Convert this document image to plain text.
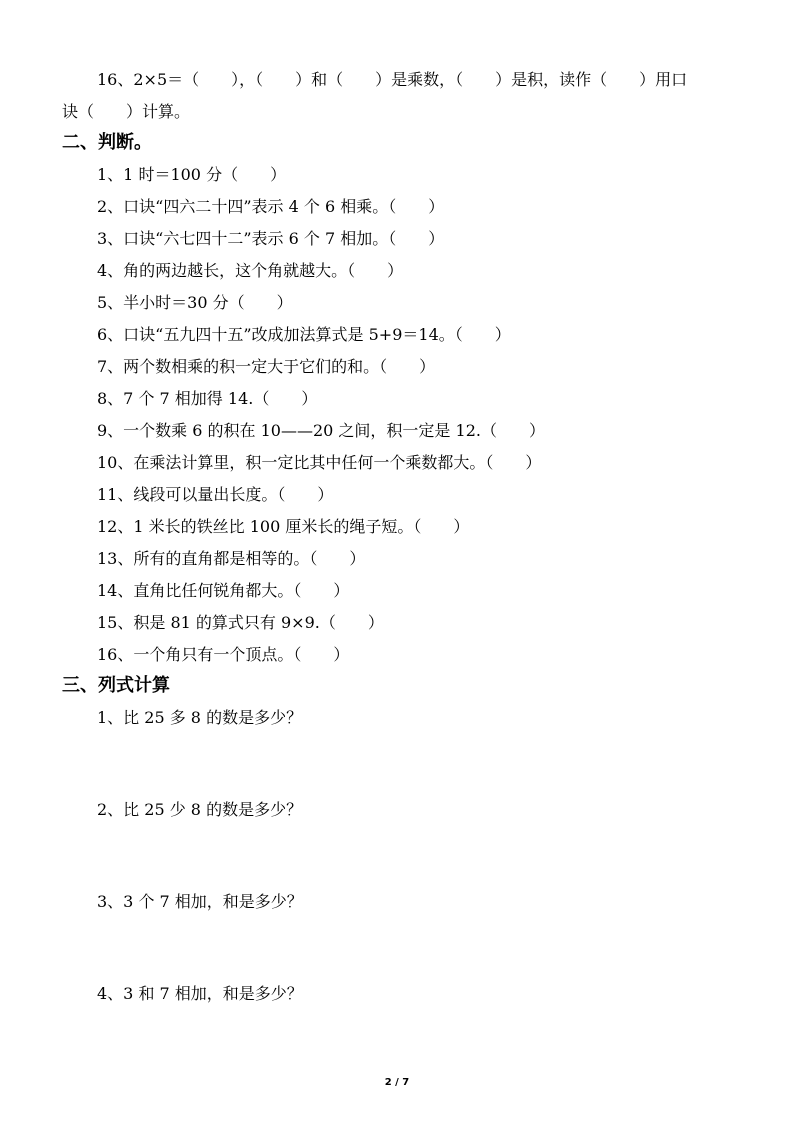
16、2×5＝（　　），（　　）和（　　）是乘数，（　　）是积，读作（　　）用口
诀（　　）计算。
二、判断。
1、1 时＝100 分（　　）
2、口诀“四六二十四”表示 4 个 6 相乘。（　　）
3、口诀“六七四十二”表示 6 个 7 相加。（　　）
4、角的两边越长，这个角就越大。（　　）
5、半小时＝30 分（　　）
6、口诀“五九四十五”改成加法算式是 5+9＝14。（　　）
7、两个数相乘的积一定大于它们的和。（　　）
8、7 个 7 相加得 14.（　　）
9、一个数乘 6 的积在 10——20 之间，积一定是 12.（　　）
10、在乘法计算里，积一定比其中任何一个乘数都大。（　　）
11、线段可以量出长度。（　　）
12、1 米长的铁丝比 100 厘米长的绳子短。（　　）
13、所有的直角都是相等的。（　　）
14、直角比任何锐角都大。（　　）
15、积是 81 的算式只有 9×9.（　　）
16、一个角只有一个顶点。（　　）
三、列式计算
1、比 25 多 8 的数是多少？
2、比 25 少 8 的数是多少？
3、3 个 7 相加，和是多少？
4、3 和 7 相加，和是多少？
2 / 7
